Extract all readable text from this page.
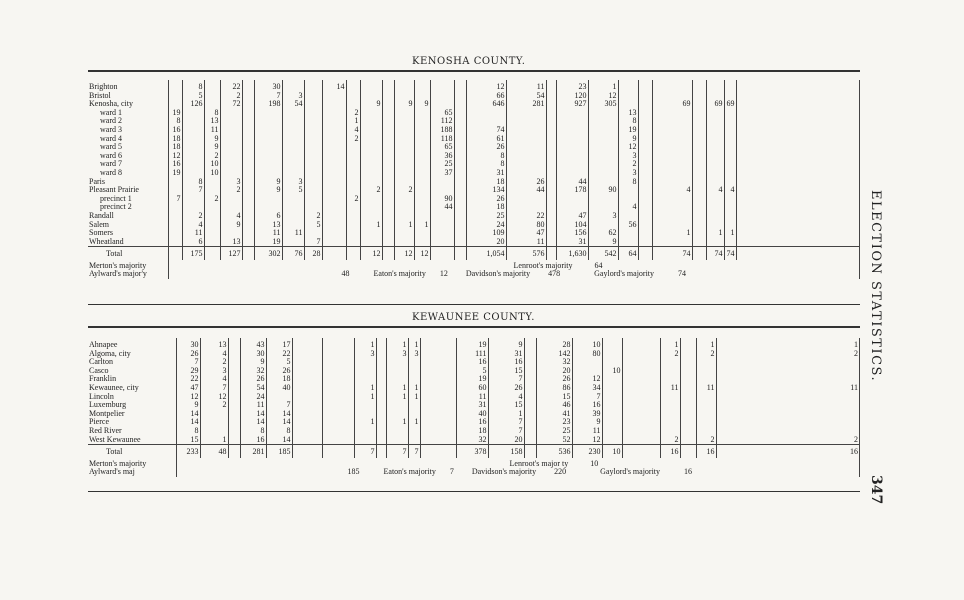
KENOSHA COUNTY.
Brighton		8		22		30			14								12	11		23	1							
Bristol		5		2		7	3										66	54		120	12							
Kenosha, city		126		72		198	54				9		9	9			646	281		927	305			69		69	69	
ward 1	19		8							2					65							13						
ward 2	8		13							1					112							8						
ward 3	16		11							4					188		74					19						
ward 4	18		9							2					118		61					9						
ward 5	18		9												65		26					12						
ward 6	12		2												36		8					3						
ward 7	16		10												25		8					2						
ward 8	19		10												37		31					3						
Paris		8		3		9	3										18	26		44		8						
Pleasant Prairie		7		2		9	5				2		2				134	44		178	90			4		4	4	
precinct 1	7		2							2					90		26											
precinct 2															44		18					4						
Randall		2		4		6		2									25	22		47	3							
Salem		4		9		13		5			1		1	1			24	80		104		56						
Somers		11				11	11										109	47		156	62			1		1	1	
Wheatland		6		13		19		7									20	11		31	9							
Total		175		127		302	76	28			12		12	12			1,054	576		1,630	542	64		74		74	74	
Merton's majority	Lenroot's majority 64																											
Aylward's major'y	48 Eaton's majority 12 Davidson's majority 478 Gaylord's majority 74																											
KEWAUNEE COUNTY.
Ahnapee	30	13		43	17			1		1	1		19	9		28	10			1		1	1
Algoma, city	26	4		30	22			3		3	3		111	31		142	80			2		2	2
Carlton	7	2		9	5								16	16		32							
Casco	29	3		32	26								5	15		20		10					
Franklin	22	4		26	18								19	7		26	12						
Kewaunee, city	47	7		54	40			1		1	1		60	26		86	34			11		11	11
Lincoln	12	12		24				1		1	1		11	4		15	7						
Luxemburg	9	2		11	7								31	15		46	16						
Montpelier	14			14	14								40	1		41	39						
Pierce	14			14	14			1		1	1		16	7		23	9						
Red River	8			8	8								18	7		25	11						
West Kewaunee	15	1		16	14								32	20		52	12			2		2	2
Total	233	48		281	185			7		7	7		378	158		536	230	10		16		16	16
Merton's majority	Lenroot's major ty 10																						
Aylward's maj	185 Eaton's majority 7 Davidson's majority 220 Gaylord's majority 16																						
ELECTION STATISTICS.
347
